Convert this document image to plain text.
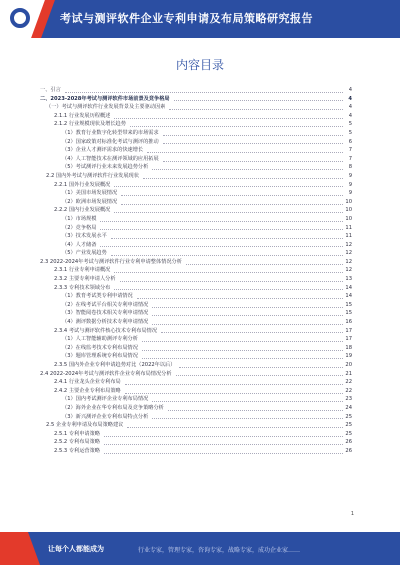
考试与测评软件企业专利申请及布局策略研究报告
内容目录
一、引言	4
二、2023-2028年考试与测评软件市场前景及竞争格局	4
（一）考试与测评软件行业发展背景及主要驱动因素	4
2.1.1 行业发展历程概述	4
2.1.2 行业规模现状及增长趋势	5
（1）教育行业数字化转型带来的市场需求	5
（2）国家政策对标准化考试与测评的推动	6
（3）企业人才测评需求的快速增长	7
（4）人工智能技术在测评领域的应用拓展	7
（5）考试测评行业未来发展趋势分析	8
2.2 国内外考试与测评软件行业发展现状	9
2.2.1 国外行业发展概况	9
（1）美国市场发展情况	9
（2）欧洲市场发展情况	10
2.2.2 国内行业发展概况	10
（1）市场规模	10
（2）竞争格局	11
（3）技术发展水平	11
（4）人才储备	12
（5）产业发展趋势	12
2.3 2022-2024年考试与测评软件行业专利申请整体情况分析	12
2.3.1 行业专利申请概况	12
2.3.2 主要专利申请人分析	13
2.3.3 专利技术领域分布	14
（1）教育考试类专利申请情况	14
（2）在线考试平台相关专利申请情况	15
（3）智能阅卷技术相关专利申请情况	15
（4）测评数据分析技术专利申请情况	16
2.3.4 考试与测评软件核心技术专利布局情况	17
（1）人工智能辅助测评专利分析	17
（2）在线监考技术专利布局情况	18
（3）题库管理系统专利布局情况	19
2.3.5 国内外企业专利申请趋势对比（2022年以后）	20
2.4 2022-2024年考试与测评软件企业专利布局情况分析	21
2.4.1 行业龙头企业专利布局	22
2.4.2 主要企业专利布局策略	22
（1）国内考试测评企业专利布局情况	23
（2）海外企业在华专利布局及竞争策略分析	24
（3）新兴测评企业专利布局特点分析	25
2.5 企业专利申请及布局策略建议	25
2.5.1 专利申请策略	25
2.5.2 专利布局策略	26
2.5.3 专利运营策略	26
1
让每个人都能成为	行业专家，管理专家，咨询专家，战略专家，成功企业家……
